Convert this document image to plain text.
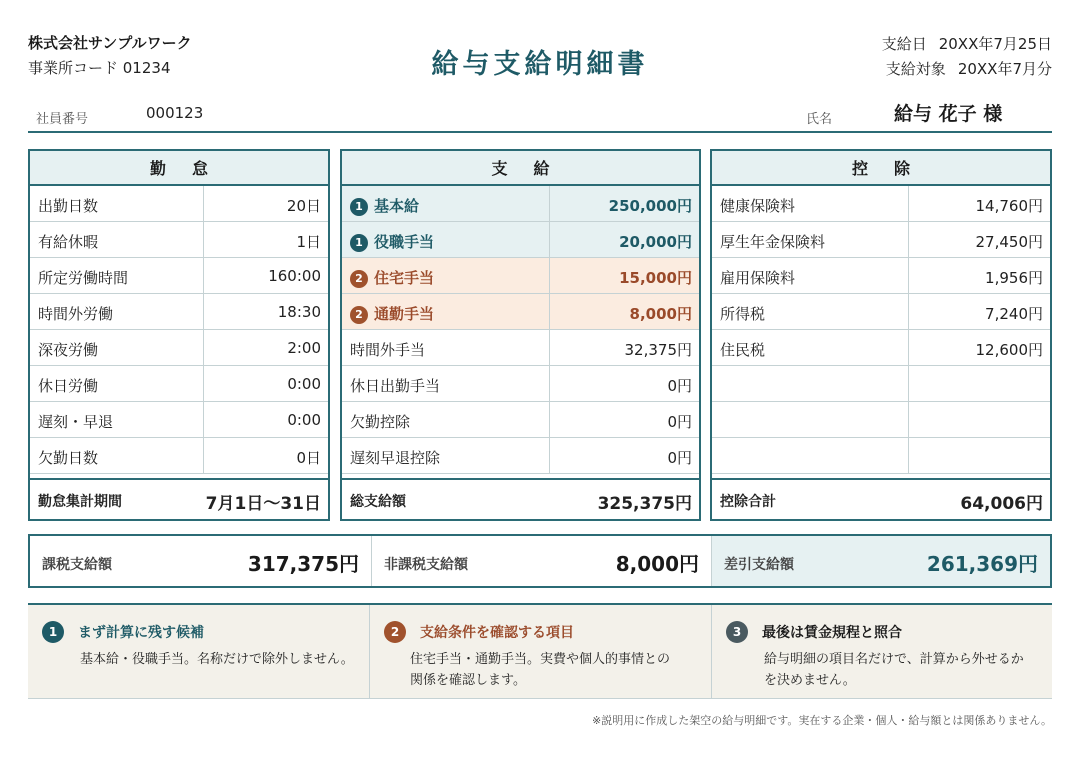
株式会社サンプルワーク
事業所コード 01234	給与支給明細書
支給日 20XX年7月25日
支給対象 20XX年7月分
社員番号	000123	氏名	給与 花子 様
勤怠
出勤日数	20日
有給休暇	1日
所定労働時間	160:00
時間外労働	18:30
深夜労働	2:00
休日労働	0:00
遅刻・早退	0:00
欠勤日数	0日
勤怠集計期間	7月1日〜31日
支給
1 基本給	250,000円
1 役職手当	20,000円
2 住宅手当	15,000円
2 通勤手当	8,000円
時間外手当	32,375円
休日出勤手当	0円
欠勤控除	0円
遅刻早退控除	0円
総支給額	325,375円
控除
健康保険料	14,760円
厚生年金保険料	27,450円
雇用保険料	1,956円
所得税	7,240円
住民税	12,600円
控除合計	64,006円
課税支給額	317,375円 非課税支給額	8,000円 差引支給額	261,369円
1 まず計算に残す候補
基本給・役職手当。名称だけで除外しません。
2 支給条件を確認する項目
住宅手当・通勤手当。実費や個人的事情との
関係を確認します。
3 最後は賃金規程と照合
給与明細の項目名だけで、計算から外せるか
を決めません。
※説明用に作成した架空の給与明細です。実在する企業・個人・給与額とは関係ありません。
